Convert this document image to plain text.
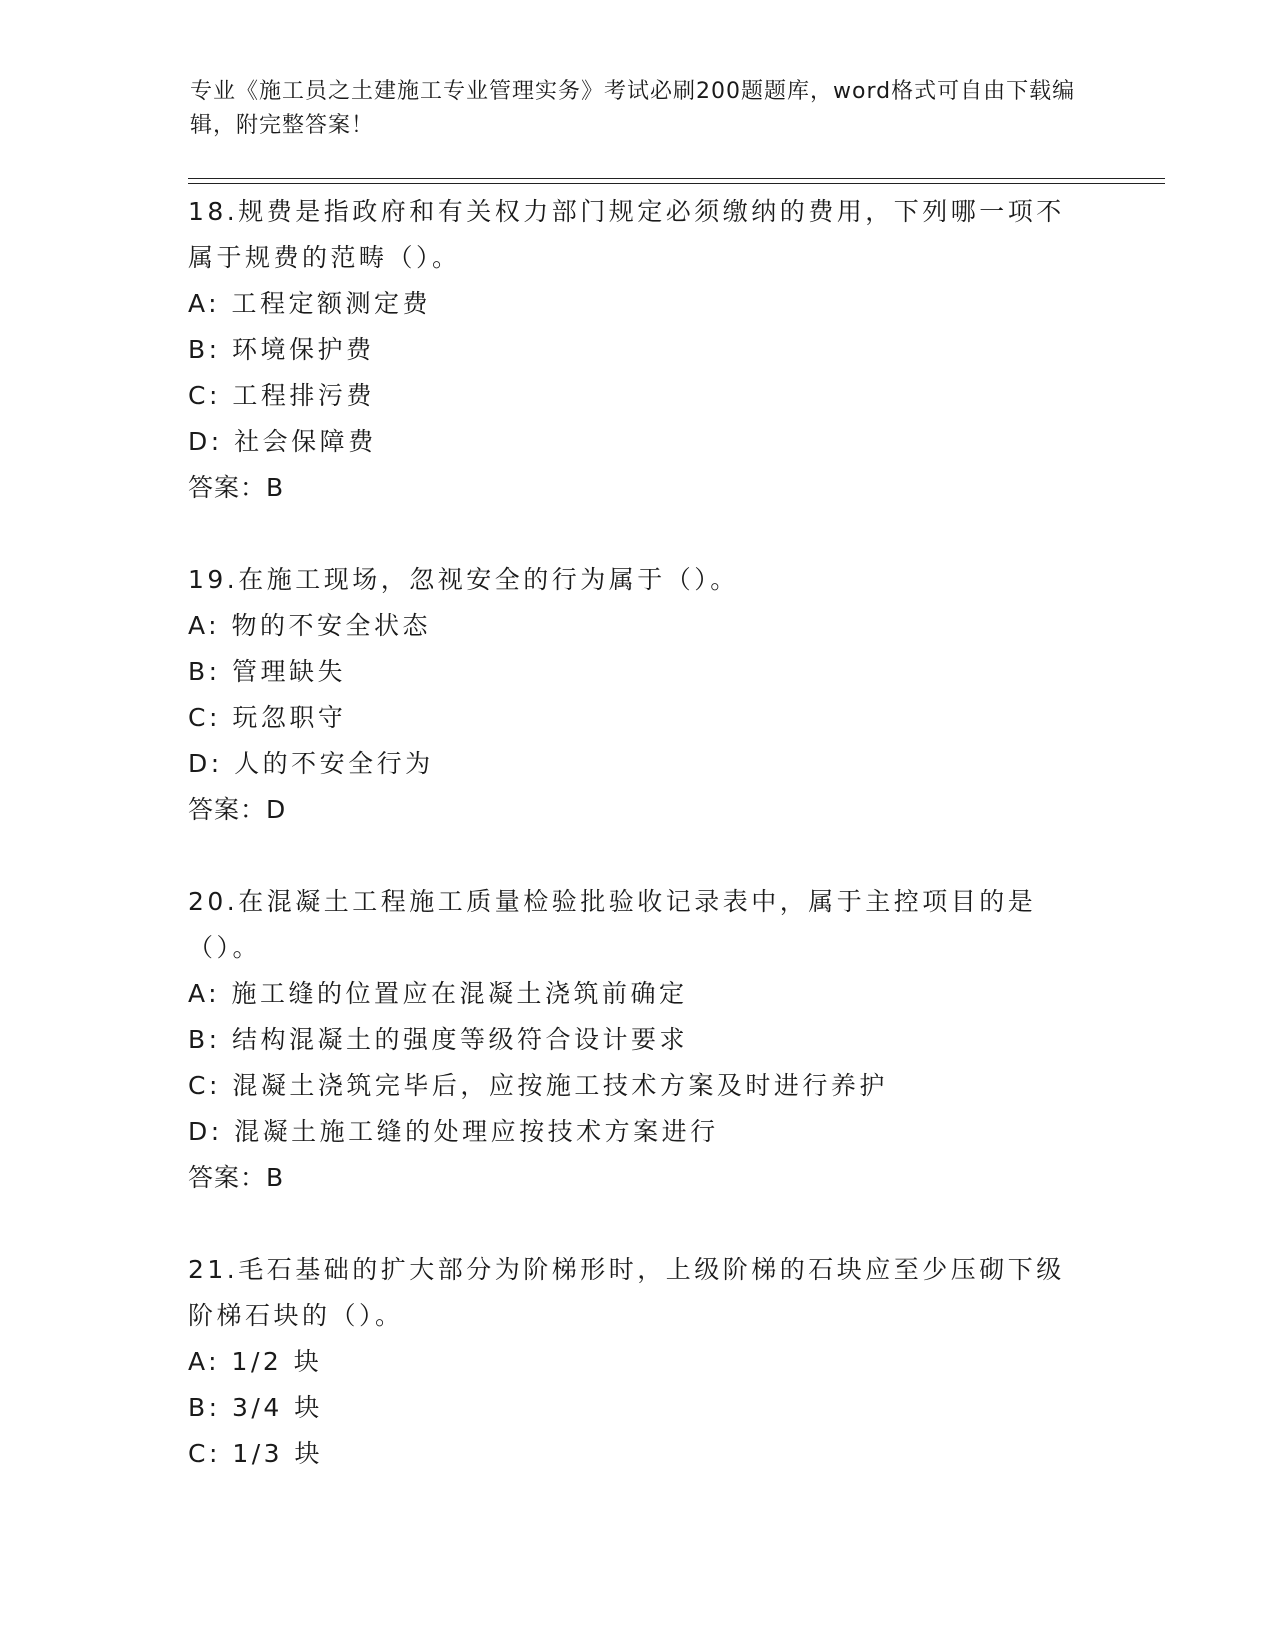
专业《施工员之土建施工专业管理实务》考试必刷200题题库，word格式可自由下载编辑，附完整答案！
18.规费是指政府和有关权力部门规定必须缴纳的费用，下列哪一项不属于规费的范畴（）。
A: 工程定额测定费
B: 环境保护费
C: 工程排污费
D: 社会保障费
答案：B
19.在施工现场，忽视安全的行为属于（）。
A: 物的不安全状态
B: 管理缺失
C: 玩忽职守
D: 人的不安全行为
答案：D
20.在混凝土工程施工质量检验批验收记录表中，属于主控项目的是（）。
A: 施工缝的位置应在混凝土浇筑前确定
B: 结构混凝土的强度等级符合设计要求
C: 混凝土浇筑完毕后，应按施工技术方案及时进行养护
D: 混凝土施工缝的处理应按技术方案进行
答案：B
21.毛石基础的扩大部分为阶梯形时，上级阶梯的石块应至少压砌下级阶梯石块的（）。
A: 1/2 块
B: 3/4 块
C: 1/3 块
